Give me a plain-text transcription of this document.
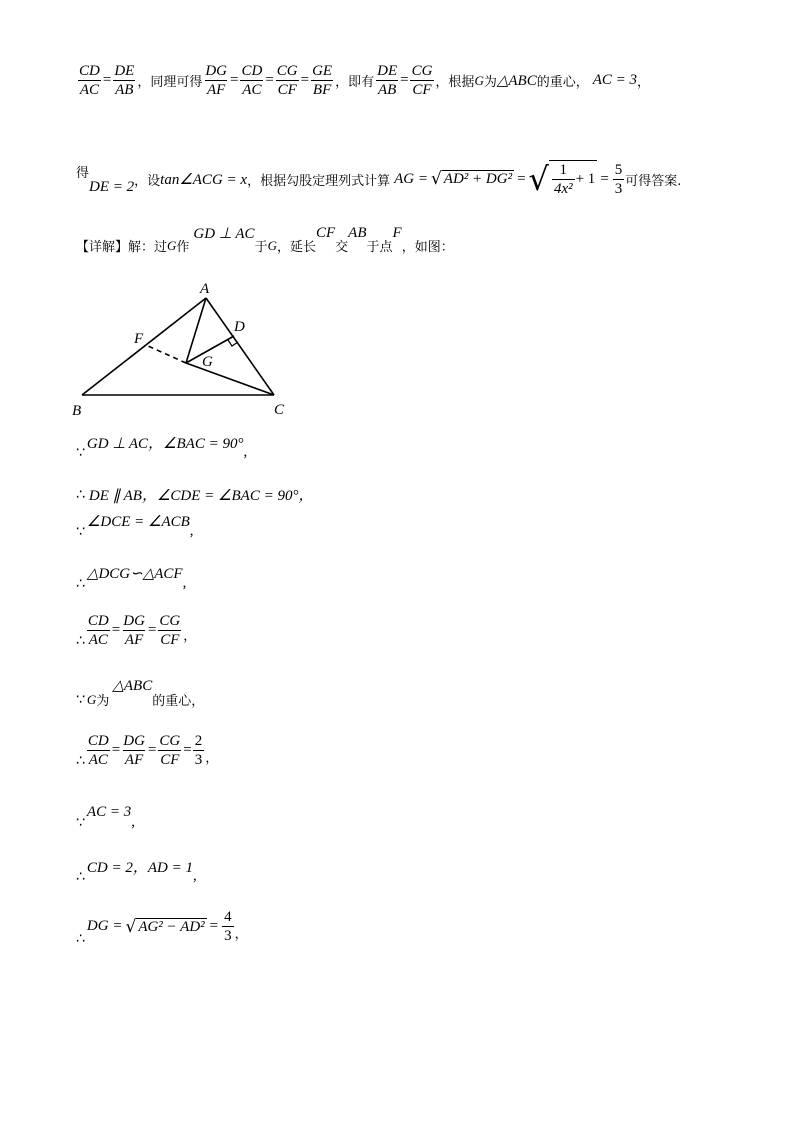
$\frac{CD}{AC} = \frac{DE}{AB}$ ，同理可得 $\frac{DG}{AF} = \frac{CD}{AC} = \frac{CG}{CF} = \frac{GE}{BF}$ ，即有 $\frac{DE}{AB} = \frac{CG}{CF}$ ，根据 G 为 △ABC 的重心， AC = 3 ，
得
DE = 2 ，设 tan∠ACG = x ，根据勾股定理列式计算 AG = √ AD² + DG² = √ $\frac{1}{\text{4x²}} + 1 = \frac{5}{3}$ 可得答案.
【详解】解：过 G 作
GD ⊥ AC
于 G ，延长
CF
交
AB
于点
F
，如图：
A
B	C
D
F
G
∵
GD ⊥ AC，∠BAC = 90° ,
∴ DE ∥ AB，∠CDE = ∠BAC = 90°，
∵
∠DCE = ∠ACB
,
∴
△DCG∽△ACF
,
∴ $\frac{CD}{AC} = \frac{DG}{AF} = \frac{CG}{CF}$ ，
∵ G 为
△ABC
的重心，
∴ $\frac{CD}{AC} = \frac{DG}{AF} = \frac{CG}{CF} = \frac{2}{3}$ ，
∵
AC = 3
,
∴
CD = 2，AD = 1 ,
∴
DG = √ $AG^2 - AD^2 = \frac{4}{3}$ ，
